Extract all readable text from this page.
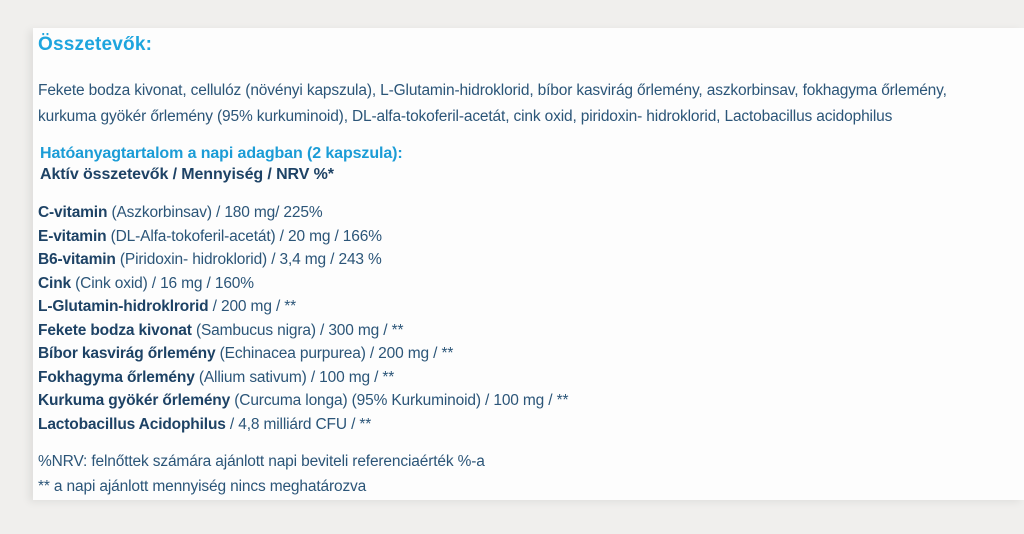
Összetevők:

Fekete bodza kivonat, cellulóz (növényi kapszula), L-Glutamin-hidroklorid, bíbor kasvirág őrlemény, aszkorbinsav, fokhagyma őrlemény, kurkuma gyökér őrlemény (95% kurkuminoid), DL-alfa-tokoferil-acetát, cink oxid, piridoxin- hidroklorid, Lactobacillus acidophilus

Hatóanyagtartalom a napi adagban (2 kapszula):

Aktív összetevők / Mennyiség / NRV %*

C-vitamin (Aszkorbinsav) / 180 mg/ 225%

E-vitamin (DL-Alfa-tokoferil-acetát) / 20 mg / 166%

B6-vitamin (Piridoxin- hidroklorid) / 3,4 mg / 243 %

Cink (Cink oxid) / 16 mg / 160%

L-Glutamin-hidroklrorid / 200 mg / **

Fekete bodza kivonat (Sambucus nigra) / 300 mg / **

Bíbor kasvirág őrlemény (Echinacea purpurea) / 200 mg / **

Fokhagyma őrlemény (Allium sativum) / 100 mg / **

Kurkuma gyökér őrlemény (Curcuma longa) (95% Kurkuminoid) / 100 mg / **

Lactobacillus Acidophilus / 4,8 milliárd CFU / **

%NRV: felnőttek számára ajánlott napi beviteli referenciaérték %-a

** a napi ajánlott mennyiség nincs meghatározva
